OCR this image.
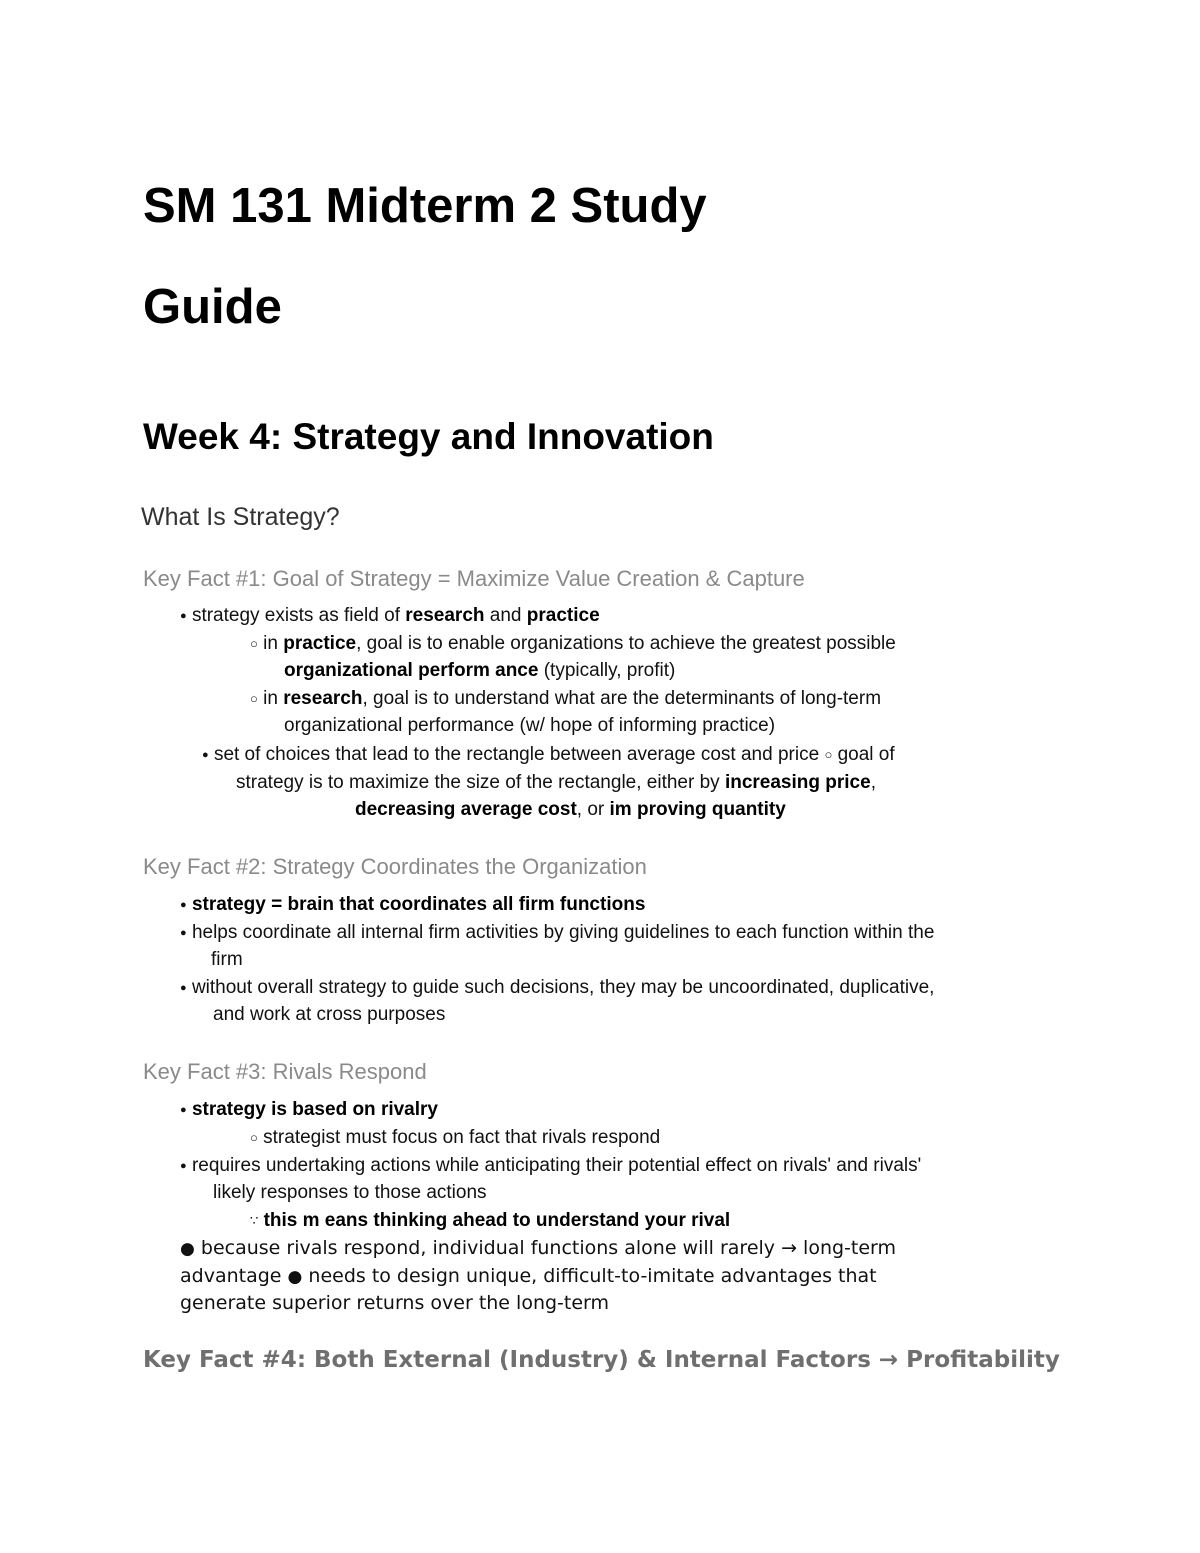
SM 131 Midterm 2 Study
Guide
Week 4: Strategy and Innovation
What Is Strategy?
Key Fact #1: Goal of Strategy = Maximize Value Creation & Capture
● strategy exists as field of research and practice
○ in practice, goal is to enable organizations to achieve the greatest possible
organizational perform ance (typically, profit)
○ in research, goal is to understand what are the determinants of long-term
organizational performance (w/ hope of informing practice)
● set of choices that lead to the rectangle between average cost and price ○ goal of
strategy is to maximize the size of the rectangle, either by increasing price,
decreasing average cost, or im proving quantity
Key Fact #2: Strategy Coordinates the Organization
● strategy = brain that coordinates all firm functions
● helps coordinate all internal firm activities by giving guidelines to each function within the
firm
● without overall strategy to guide such decisions, they may be uncoordinated, duplicative,
and work at cross purposes
Key Fact #3: Rivals Respond
● strategy is based on rivalry
○ strategist must focus on fact that rivals respond
● requires undertaking actions while anticipating their potential effect on rivals' and rivals'
likely responses to those actions
∵ this m eans thinking ahead to understand your rival
● because rivals respond, individual functions alone will rarely → long-term
advantage ● needs to design unique, difficult-to-imitate advantages that
generate superior returns over the long-term
Key Fact #4: Both External (Industry) & Internal Factors → Profitability
